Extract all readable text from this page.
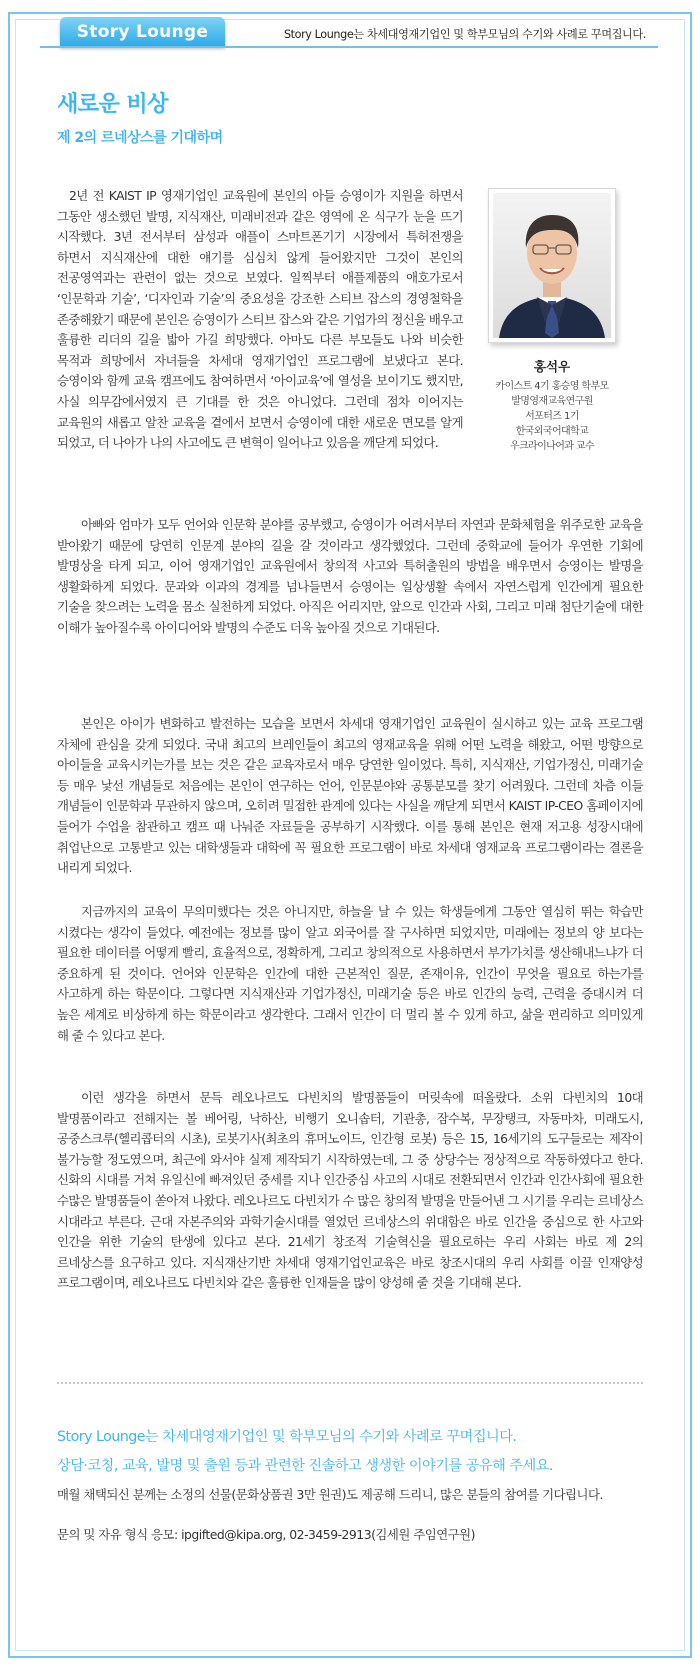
Story Lounge	Story Lounge는 차세대영재기업인 및 학부모님의 수기와 사례로 꾸며집니다.
새로운 비상
제 2의 르네상스를 기대하며

2년 전 KAIST IP 영재기업인 교육원에 본인의 아들 승영이가 지원을 하면서 그동안 생소했던 발명, 지식재산, 미래비전과 같은 영역에 온 식구가 눈을 뜨기 시작했다. 3년 전서부터 삼성과 애플이 스마트폰기기 시장에서 특허전쟁을 하면서 지식재산에 대한 얘기를 심심치 않게 들어왔지만 그것이 본인의 전공영역과는 관련이 없는 것으로 보였다. 일찍부터 애플제품의 애호가로서 ‘인문학과 기술’, ‘디자인과 기술’의 중요성을 강조한 스티브 잡스의 경영철학을 존중해왔기 때문에 본인은 승영이가 스티브 잡스와 같은 기업가의 정신을 배우고 훌륭한 리더의 길을 밟아 가길 희망했다. 아마도 다른 부모들도 나와 비슷한 목적과 희망에서 자녀들을 차세대 영재기업인 프로그램에 보냈다고 본다. 승영이와 함께 교육 캠프에도 참여하면서 ‘아이교육’에 열성을 보이기도 했지만, 사실 의무감에서였지 큰 기대를 한 것은 아니었다. 그런데 점차 이어지는 교육원의 새롭고 알찬 교육을 곁에서 보면서 승영이에 대한 새로운 면모를 알게 되었고, 더 나아가 나의 사고에도 큰 변혁이 일어나고 있음을 깨닫게 되었다.

홍석우
카이스트 4기 홍승영 학부모
발명영재교육연구원
서포터즈 1기
한국외국어대학교
우크라이나어과 교수

아빠와 엄마가 모두 언어와 인문학 분야를 공부했고, 승영이가 어려서부터 자연과 문화체험을 위주로한 교육을 받아왔기 때문에 당연히 인문계 분야의 길을 갈 것이라고 생각했었다. 그런데 중학교에 들어가 우연한 기회에 발명상을 타게 되고, 이어 영재기업인 교육원에서 창의적 사고와 특허출원의 방법을 배우면서 승영이는 발명을 생활화하게 되었다. 문과와 이과의 경계를 넘나들면서 승영이는 일상생활 속에서 자연스럽게 인간에게 필요한 기술을 찾으려는 노력을 몸소 실천하게 되었다. 아직은 어리지만, 앞으로 인간과 사회, 그리고 미래 첨단기술에 대한 이해가 높아질수록 아이디어와 발명의 수준도 더욱 높아질 것으로 기대된다.

본인은 아이가 변화하고 발전하는 모습을 보면서 차세대 영재기업인 교육원이 실시하고 있는 교육 프로그램 자체에 관심을 갖게 되었다. 국내 최고의 브레인들이 최고의 영재교육을 위해 어떤 노력을 해왔고, 어떤 방향으로 아이들을 교육시키는가를 보는 것은 같은 교육자로서 매우 당연한 일이었다. 특히, 지식재산, 기업가정신, 미래기술 등 매우 낯선 개념들로 처음에는 본인이 연구하는 언어, 인문분야와 공통분모를 찾기 어려웠다. 그런데 차츰 이들 개념들이 인문학과 무관하지 않으며, 오히려 밀접한 관계에 있다는 사실을 깨닫게 되면서 KAIST IP-CEO 홈페이지에 들어가 수업을 참관하고 캠프 때 나눠준 자료들을 공부하기 시작했다. 이를 통해 본인은 현재 저고용 성장시대에 취업난으로 고통받고 있는 대학생들과 대학에 꼭 필요한 프로그램이 바로 차세대 영재교육 프로그램이라는 결론을 내리게 되었다.

지금까지의 교육이 무의미했다는 것은 아니지만, 하늘을 날 수 있는 학생들에게 그동안 열심히 뛰는 학습만 시켰다는 생각이 들었다. 예전에는 정보를 많이 알고 외국어를 잘 구사하면 되었지만, 미래에는 정보의 양 보다는 필요한 데이터를 어떻게 빨리, 효율적으로, 정확하게, 그리고 창의적으로 사용하면서 부가가치를 생산해내느냐가 더 중요하게 된 것이다. 언어와 인문학은 인간에 대한 근본적인 질문, 존재이유, 인간이 무엇을 필요로 하는가를 사고하게 하는 학문이다. 그렇다면 지식재산과 기업가정신, 미래기술 등은 바로 인간의 능력, 근력을 증대시켜 더 높은 세계로 비상하게 하는 학문이라고 생각한다. 그래서 인간이 더 멀리 볼 수 있게 하고, 삶을 편리하고 의미있게 해 줄 수 있다고 본다.

이런 생각을 하면서 문득 레오나르도 다빈치의 발명품들이 머릿속에 떠올랐다. 소위 다빈치의 10대 발명품이라고 전해지는 볼 베어링, 낙하산, 비행기 오니솝터, 기관총, 잠수복, 무장탱크, 자동마차, 미래도시, 공중스크루(헬리콥터의 시초), 로봇기사(최초의 휴머노이드, 인간형 로봇) 등은 15, 16세기의 도구들로는 제작이 불가능할 정도였으며, 최근에 와서야 실제 제작되기 시작하였는데, 그 중 상당수는 정상적으로 작동하였다고 한다. 신화의 시대를 거쳐 유일신에 빠져있던 중세를 지나 인간중심 사고의 시대로 전환되면서 인간과 인간사회에 필요한 수많은 발명품들이 쏟아져 나왔다. 레오나르도 다빈치가 수 많은 창의적 발명을 만들어낸 그 시기를 우리는 르네상스 시대라고 부른다. 근대 자본주의와 과학기술시대를 열었던 르네상스의 위대함은 바로 인간을 중심으로 한 사고와 인간을 위한 기술의 탄생에 있다고 본다. 21세기 창조적 기술혁신을 필요로하는 우리 사회는 바로 제 2의 르네상스를 요구하고 있다. 지식재산기반 차세대 영재기업인교육은 바로 창조시대의 우리 사회를 이끌 인재양성 프로그램이며, 레오나르도 다빈치와 같은 훌륭한 인재들을 많이 양성해 줄 것을 기대해 본다.

Story Lounge는 차세대영재기업인 및 학부모님의 수기와 사례로 꾸며집니다.
상담·코칭, 교육, 발명 및 출원 등과 관련한 진솔하고 생생한 이야기를 공유해 주세요.
매월 채택되신 분께는 소정의 선물(문화상품권 3만 원권)도 제공해 드리니, 많은 분들의 참여를 기다립니다.
문의 및 자유 형식 응모: ipgifted@kipa.org, 02-3459-2913(김세원 주임연구원)
